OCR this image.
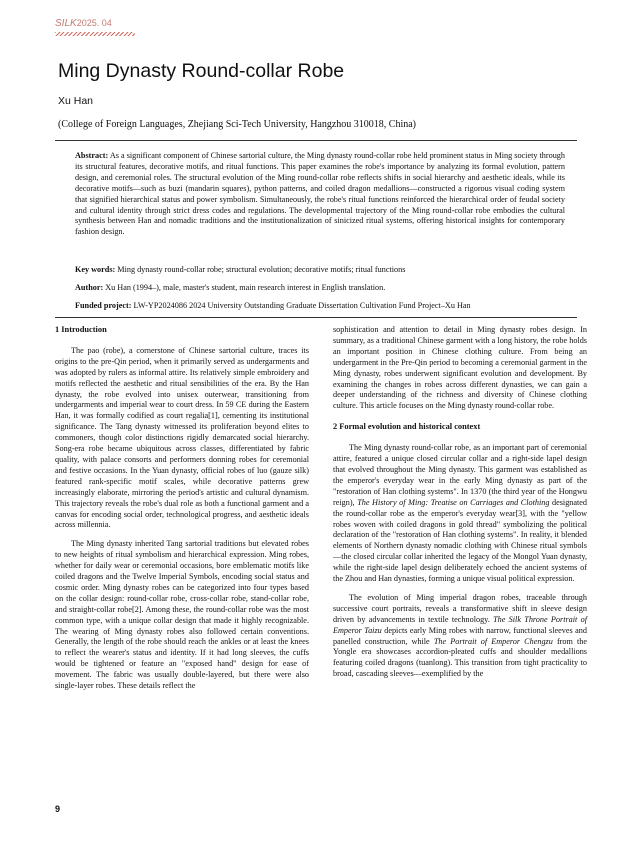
SILK2025. 04
Ming Dynasty Round-collar Robe
Xu Han
(College of Foreign Languages, Zhejiang Sci-Tech University, Hangzhou 310018, China)
Abstract: As a significant component of Chinese sartorial culture, the Ming dynasty round-collar robe held prominent status in Ming society through its structural features, decorative motifs, and ritual functions. This paper examines the robe's importance by analyzing its formal evolution, pattern design, and ceremonial roles. The structural evolution of the Ming round-collar robe reflects shifts in social hierarchy and aesthetic ideals, while its decorative motifs—such as buzi (mandarin squares), python patterns, and coiled dragon medallions—constructed a rigorous visual coding system that signified hierarchical status and power symbolism. Simultaneously, the robe's ritual functions reinforced the hierarchical order of feudal society and cultural identity through strict dress codes and regulations. The developmental trajectory of the Ming round-collar robe embodies the cultural synthesis between Han and nomadic traditions and the institutionalization of sinicized ritual systems, offering historical insights for contemporary fashion design.
Key words: Ming dynasty round-collar robe; structural evolution; decorative motifs; ritual functions
Author: Xu Han (1994–), male, master's student, main research interest in English translation.
Funded project: LW-YP2024086 2024 University Outstanding Graduate Dissertation Cultivation Fund Project–Xu Han
1 Introduction

The pao (robe), a cornerstone of Chinese sartorial culture, traces its origins to the pre-Qin period, when it primarily served as undergarments and was adopted by rulers as informal attire. Its relatively simple embroidery and motifs reflected the aesthetic and ritual sensibilities of the era. By the Han dynasty, the robe evolved into unisex outerwear, transitioning from undergarments and imperial wear to court dress. In 59 CE during the Eastern Han, it was formally codified as court regalia[1], cementing its institutional significance. The Tang dynasty witnessed its proliferation beyond elites to commoners, though color distinctions rigidly demarcated social hierarchy. Song-era robe became ubiquitous across classes, differentiated by fabric quality, with palace consorts and performers donning robes for ceremonial and festive occasions. In the Yuan dynasty, official robes of luo (gauze silk) featured rank-specific motif scales, while decorative patterns grew increasingly elaborate, mirroring the period's artistic and cultural dynamism. This trajectory reveals the robe's dual role as both a functional garment and a canvas for encoding social order, technological progress, and aesthetic ideals across millennia.

The Ming dynasty inherited Tang sartorial traditions but elevated robes to new heights of ritual symbolism and hierarchical expression. Ming robes, whether for daily wear or ceremonial occasions, bore emblematic motifs like coiled dragons and the Twelve Imperial Symbols, encoding social status and cosmic order. Ming dynasty robes can be categorized into four types based on the collar design: round-collar robe, cross-collar robe, stand-collar robe, and straight-collar robe[2]. Among these, the round-collar robe was the most common type, with a unique collar design that made it highly recognizable. The wearing of Ming dynasty robes also followed certain conventions. Generally, the length of the robe should reach the ankles or at least the knees to reflect the wearer's status and identity. If it had long sleeves, the cuffs would be tightened or feature an "exposed hand" design for ease of movement. The fabric was usually double-layered, but there were also single-layer robes. These details reflect the

sophistication and attention to detail in Ming dynasty robes design. In summary, as a traditional Chinese garment with a long history, the robe holds an important position in Chinese clothing culture. From being an undergarment in the Pre-Qin period to becoming a ceremonial garment in the Ming dynasty, robes underwent significant evolution and development. By examining the changes in robes across different dynasties, we can gain a deeper understanding of the richness and diversity of Chinese clothing culture. This article focuses on the Ming dynasty round-collar robe.

2 Formal evolution and historical context

The Ming dynasty round-collar robe, as an important part of ceremonial attire, featured a unique closed circular collar and a right-side lapel design that evolved throughout the Ming dynasty. This garment was established as the emperor's everyday wear in the early Ming dynasty as part of the "restoration of Han clothing systems". In 1370 (the third year of the Hongwu reign), The History of Ming: Treatise on Carriages and Clothing designated the round-collar robe as the emperor's everyday wear[3], with the "yellow robes woven with coiled dragons in gold thread" symbolizing the political declaration of the "restoration of Han clothing systems". In reality, it blended elements of Northern dynasty nomadic clothing with Chinese ritual symbols—the closed circular collar inherited the legacy of the Mongol Yuan dynasty, while the right-side lapel design deliberately echoed the ancient systems of the Zhou and Han dynasties, forming a unique visual political expression.

The evolution of Ming imperial dragon robes, traceable through successive court portraits, reveals a transformative shift in sleeve design driven by advancements in textile technology. The Silk Throne Portrait of Emperor Taizu depicts early Ming robes with narrow, functional sleeves and panelled construction, while The Portrait of Emperor Chengzu from the Yongle era showcases accordion-pleated cuffs and shoulder medallions featuring coiled dragons (tuanlong). This transition from tight practicality to broad, cascading sleeves—exemplified by the

9
